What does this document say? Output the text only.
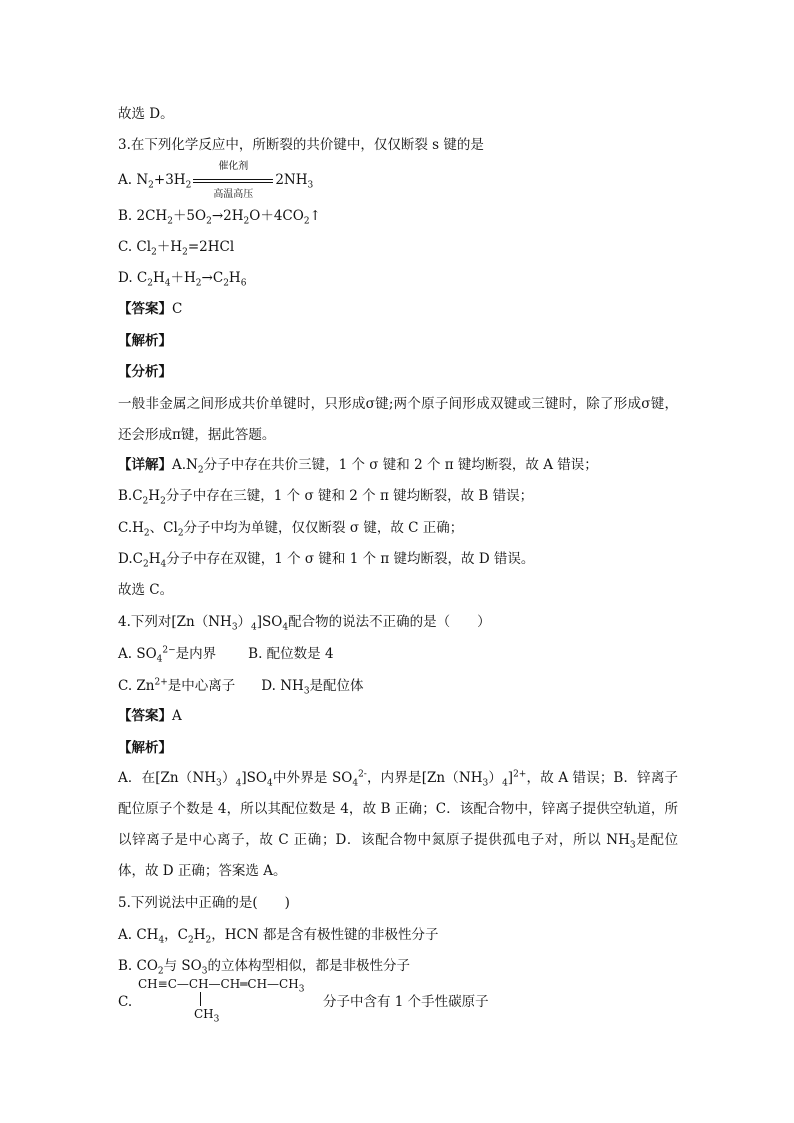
故选 D。
3.在下列化学反应中，所断裂的共价键中，仅仅断裂 s 键的是
A. $N_2+3H_2$
催化剂
高温高压
$2NH_3$
B. $2CH_2+5O_2\to 2H_2O+4CO_2↑$
C. $Cl_2+H_2=2HCl$
D. $C_2H_4+H_2\to C_2H_6$
【答案】C
【解析】
【分析】
一般非金属之间形成共价单键时，只形成σ键;两个原子间形成双键或三键时，除了形成σ键，还会形成π键，据此答题。
【详解】$A.N_2$分子中存在共价三键，1 个 σ 键和 2 个 π 键均断裂，故 A 错误；
$B.C_2H_2$分子中存在三键，1 个 σ 键和 2 个 π 键均断裂，故 B 错误；
$C.H_2$、$Cl_2$分子中均为单键，仅仅断裂 σ 键，故 C 正确；
$D.C_2H_4$分子中存在双键，1 个 σ 键和 1 个 π 键均断裂，故 D 错误。
故选 C。
4.下列对$[Zn(NH_3)_4]SO_4$配合物的说法不正确的是（　　）
A. $SO_4^{2-}$是内界 B. 配位数是 4
C. $Zn^{2+}$是中心离子 D. $NH_3$是配位体
【答案】A
【解析】
A．在$[Zn(NH_3)_4]SO_4$中外界是 $SO_4^{2-}$，内界是$[Zn(NH_3)_4]^{2+}$，故 A 错误；B．锌离子配位原子个数是 4，所以其配位数是 4，故 B 正确；C．该配合物中，锌离子提供空轨道，所以锌离子是中心离子，故 C 正确；D．该配合物中氮原子提供孤电子对，所以 $NH_3$是配位体，故 D 正确；答案选 A。
5.下列说法中正确的是(　　)
A. $CH_4$，$C_2H_2$，HCN 都是含有极性键的非极性分子
B. $CO_2$与 $SO_3$的立体构型相似，都是非极性分子
C.
$CH\equiv C—CH—CH═CH—CH_3$
$CH_3$
分子中含有 1 个手性碳原子
